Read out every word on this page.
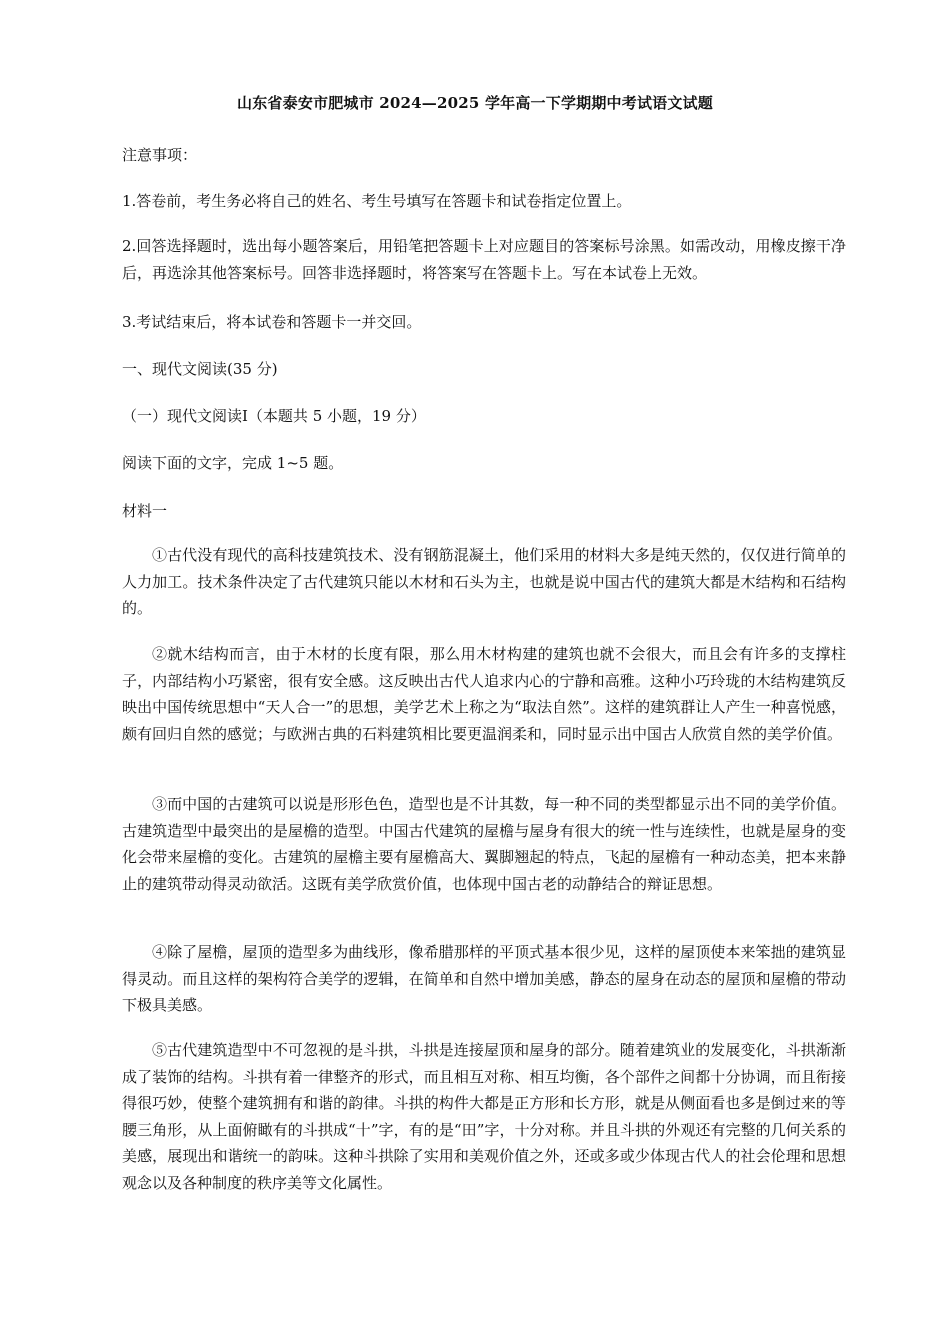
山东省泰安市肥城市 2024—2025 学年高一下学期期中考试语文试题
注意事项：
1.答卷前，考生务必将自己的姓名、考生号填写在答题卡和试卷指定位置上。

2.回答选择题时，选出每小题答案后，用铅笔把答题卡上对应题目的答案标号涂黑。如需改动，用橡皮擦干净后，再选涂其他答案标号。回答非选择题时，将答案写在答题卡上。写在本试卷上无效。

3.考试结束后，将本试卷和答题卡一并交回。
一、现代文阅读(35 分)
（一）现代文阅读Ⅰ（本题共 5 小题，19 分）
阅读下面的文字，完成 1~5 题。
材料一

①古代没有现代的高科技建筑技术、没有钢筋混凝土，他们采用的材料大多是纯天然的，仅仅进行简单的人力加工。技术条件决定了古代建筑只能以木材和石头为主，也就是说中国古代的建筑大都是木结构和石结构的。

②就木结构而言，由于木材的长度有限，那么用木材构建的建筑也就不会很大，而且会有许多的支撑柱子，内部结构小巧紧密，很有安全感。这反映出古代人追求内心的宁静和高雅。这种小巧玲珑的木结构建筑反映出中国传统思想中“天人合一”的思想，美学艺术上称之为“取法自然”。这样的建筑群让人产生一种喜悦感，颇有回归自然的感觉；与欧洲古典的石料建筑相比要更温润柔和，同时显示出中国古人欣赏自然的美学价值。

③而中国的古建筑可以说是形形色色，造型也是不计其数，每一种不同的类型都显示出不同的美学价值。古建筑造型中最突出的是屋檐的造型。中国古代建筑的屋檐与屋身有很大的统一性与连续性，也就是屋身的变化会带来屋檐的变化。古建筑的屋檐主要有屋檐高大、翼脚翘起的特点，飞起的屋檐有一种动态美，把本来静止的建筑带动得灵动欲活。这既有美学欣赏价值，也体现中国古老的动静结合的辩证思想。

④除了屋檐，屋顶的造型多为曲线形，像希腊那样的平顶式基本很少见，这样的屋顶使本来笨拙的建筑显得灵动。而且这样的架构符合美学的逻辑，在简单和自然中增加美感，静态的屋身在动态的屋顶和屋檐的带动下极具美感。

⑤古代建筑造型中不可忽视的是斗拱，斗拱是连接屋顶和屋身的部分。随着建筑业的发展变化，斗拱渐渐成了装饰的结构。斗拱有着一律整齐的形式，而且相互对称、相互均衡，各个部件之间都十分协调，而且衔接得很巧妙，使整个建筑拥有和谐的韵律。斗拱的构件大都是正方形和长方形，就是从侧面看也多是倒过来的等腰三角形，从上面俯瞰有的斗拱成“十”字，有的是“田”字，十分对称。并且斗拱的外观还有完整的几何关系的美感，展现出和谐统一的韵味。这种斗拱除了实用和美观价值之外，还或多或少体现古代人的社会伦理和思想观念以及各种制度的秩序美等文化属性。
